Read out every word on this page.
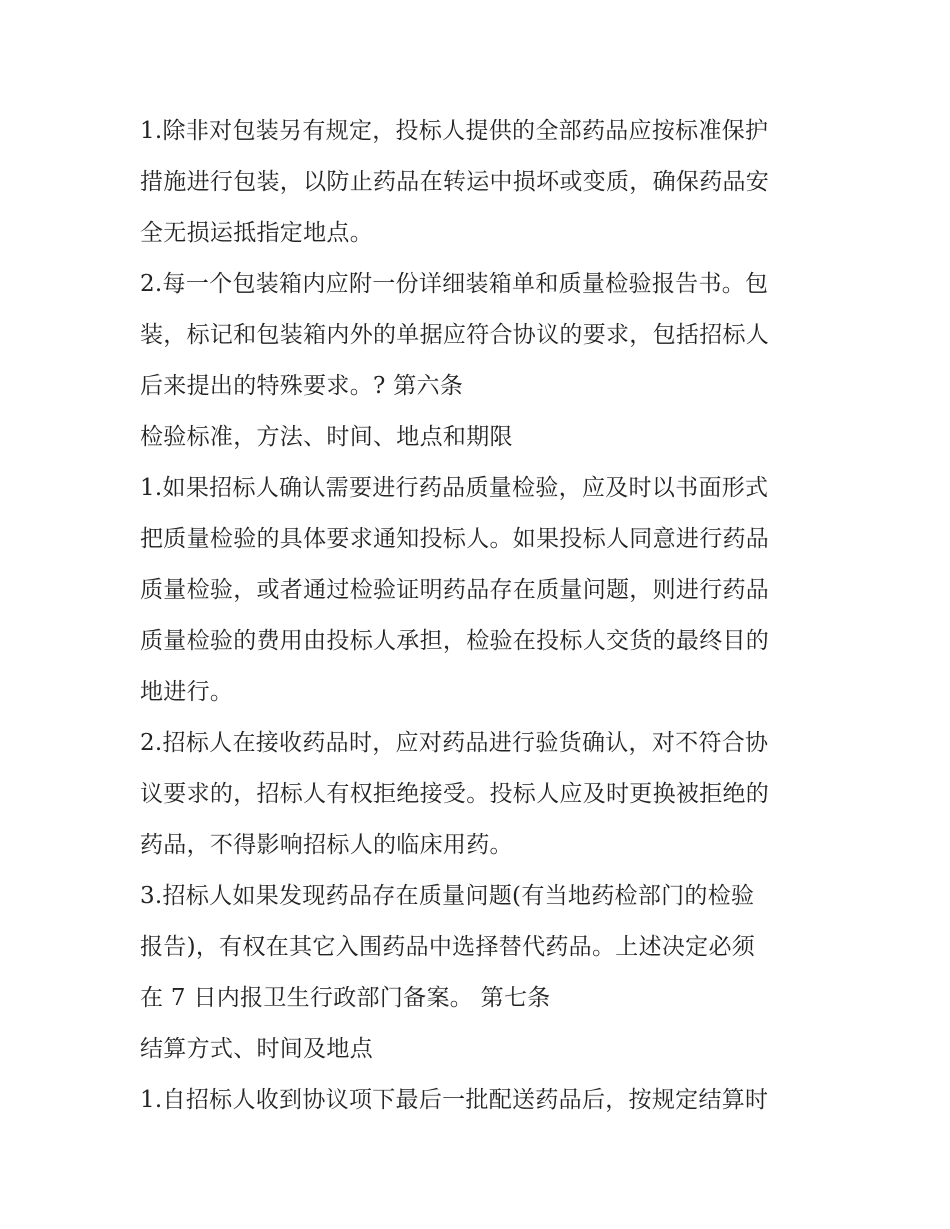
1.除非对包装另有规定，投标人提供的全部药品应按标准保护
措施进行包装，以防止药品在转运中损坏或变质，确保药品安
全无损运抵指定地点。
2.每一个包装箱内应附一份详细装箱单和质量检验报告书。包
装，标记和包装箱内外的单据应符合协议的要求，包括招标人
后来提出的特殊要求。? 第六条
检验标准，方法、时间、地点和期限
1.如果招标人确认需要进行药品质量检验，应及时以书面形式
把质量检验的具体要求通知投标人。如果投标人同意进行药品
质量检验，或者通过检验证明药品存在质量问题，则进行药品
质量检验的费用由投标人承担，检验在投标人交货的最终目的
地进行。
2.招标人在接收药品时，应对药品进行验货确认，对不符合协
议要求的，招标人有权拒绝接受。投标人应及时更换被拒绝的
药品，不得影响招标人的临床用药。
3.招标人如果发现药品存在质量问题(有当地药检部门的检验
报告)，有权在其它入围药品中选择替代药品。上述决定必须
在 7 日内报卫生行政部门备案。 第七条
结算方式、时间及地点
1.自招标人收到协议项下最后一批配送药品后，按规定结算时
